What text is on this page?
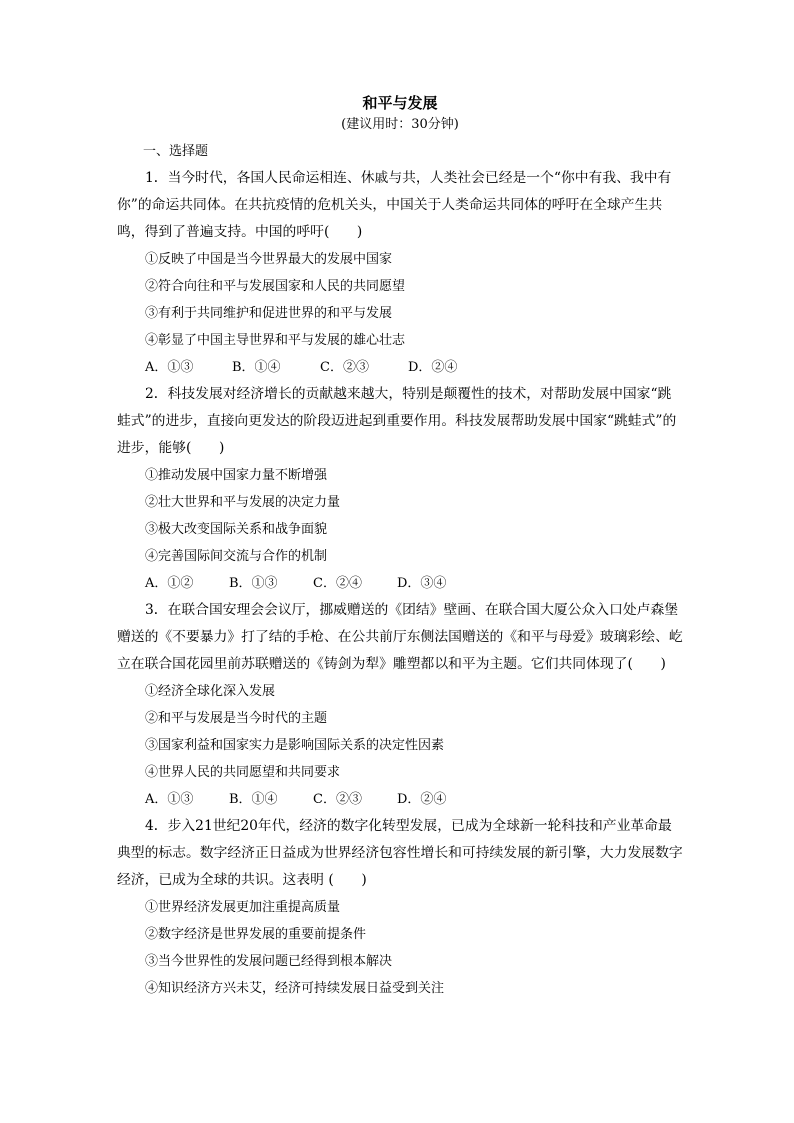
和平与发展

(建议用时：30分钟)

一、选择题

1．当今时代，各国人民命运相连、休戚与共，人类社会已经是一个“你中有我、我中有你”的命运共同体。在共抗疫情的危机关头，中国关于人类命运共同体的呼吁在全球产生共鸣，得到了普遍支持。中国的呼吁(　　)

①反映了中国是当今世界最大的发展中国家

②符合向往和平与发展国家和人民的共同愿望

③有利于共同维护和促进世界的和平与发展

④彰显了中国主导世界和平与发展的雄心壮志

A．①③	B．①④	C．②③	D．②④

2．科技发展对经济增长的贡献越来越大，特别是颠覆性的技术，对帮助发展中国家“跳蛙式”的进步，直接向更发达的阶段迈进起到重要作用。科技发展帮助发展中国家“跳蛙式”的进步，能够(　　)

①推动发展中国家力量不断增强

②壮大世界和平与发展的决定力量

③极大改变国际关系和战争面貌

④完善国际间交流与合作的机制

A．①②	B．①③	C．②④	D．③④

3．在联合国安理会会议厅，挪威赠送的《团结》壁画、在联合国大厦公众入口处卢森堡赠送的《不要暴力》打了结的手枪、在公共前厅东侧法国赠送的《和平与母爱》玻璃彩绘、屹立在联合国花园里前苏联赠送的《铸剑为犁》雕塑都以和平为主题。它们共同体现了(　　)

①经济全球化深入发展

②和平与发展是当今时代的主题

③国家利益和国家实力是影响国际关系的决定性因素

④世界人民的共同愿望和共同要求

A．①③	B．①④	C．②③	D．②④

4．步入21世纪20年代，经济的数字化转型发展，已成为全球新一轮科技和产业革命最典型的标志。数字经济正日益成为世界经济包容性增长和可持续发展的新引擎，大力发展数字经济，已成为全球的共识。这表明 (　　)

①世界经济发展更加注重提高质量

②数字经济是世界发展的重要前提条件

③当今世界性的发展问题已经得到根本解决

④知识经济方兴未艾，经济可持续发展日益受到关注
